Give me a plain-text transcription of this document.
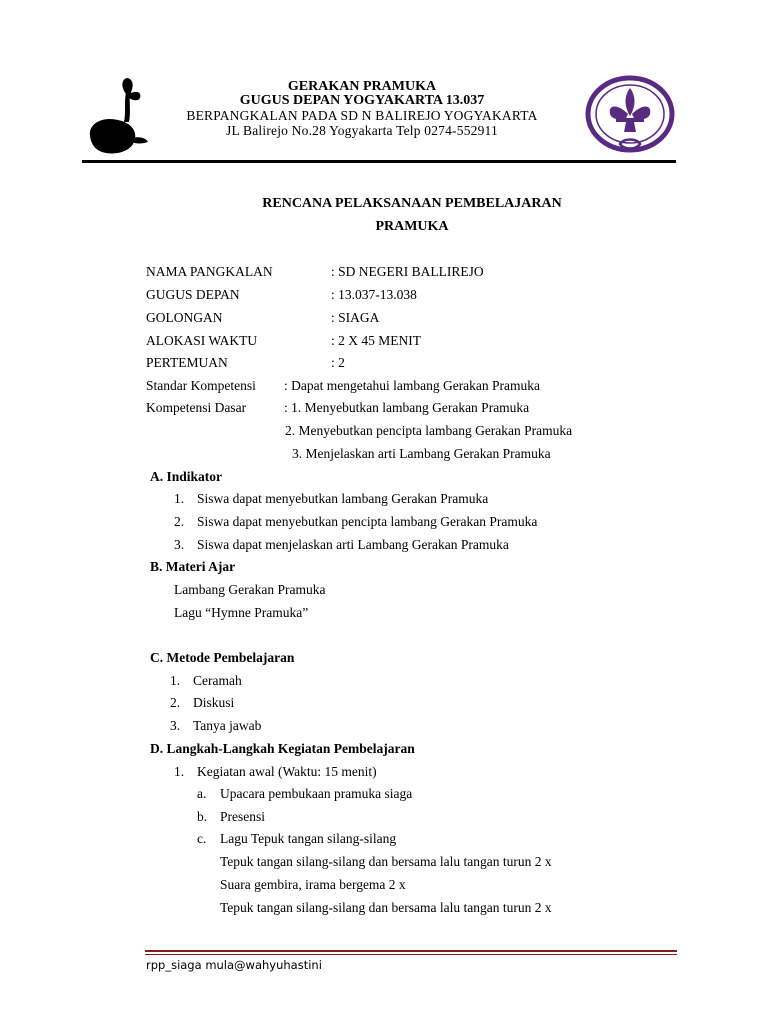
GERAKAN PRAMUKA
GUGUS DEPAN YOGYAKARTA 13.037
BERPANGKALAN PADA SD N BALIREJO YOGYAKARTA
JL Balirejo No.28 Yogyakarta Telp 0274-552911
RENCANA PELAKSANAAN PEMBELAJARAN
PRAMUKA
NAMA PANGKALAN	: SD NEGERI BALLIREJO
GUGUS DEPAN	: 13.037-13.038
GOLONGAN	: SIAGA
ALOKASI WAKTU	: 2 X 45 MENIT
PERTEMUAN	: 2
Standar Kompetensi : Dapat mengetahui lambang Gerakan Pramuka
Kompetensi Dasar	: 1. Menyebutkan lambang Gerakan Pramuka
2. Menyebutkan pencipta lambang Gerakan Pramuka
3. Menjelaskan arti Lambang Gerakan Pramuka
A. Indikator
1. Siswa dapat menyebutkan lambang Gerakan Pramuka
2. Siswa dapat menyebutkan pencipta lambang Gerakan Pramuka
3. Siswa dapat menjelaskan arti Lambang Gerakan Pramuka
B. Materi Ajar
Lambang Gerakan Pramuka
Lagu “Hymne Pramuka”
C. Metode Pembelajaran
1. Ceramah
2. Diskusi
3. Tanya jawab
D. Langkah-Langkah Kegiatan Pembelajaran
1. Kegiatan awal (Waktu: 15 menit)
a. Upacara pembukaan pramuka siaga
b. Presensi
c. Lagu Tepuk tangan silang-silang
Tepuk tangan silang-silang dan bersama lalu tangan turun 2 x
Suara gembira, irama bergema 2 x
Tepuk tangan silang-silang dan bersama lalu tangan turun 2 x
rpp_siaga mula@wahyuhastini
